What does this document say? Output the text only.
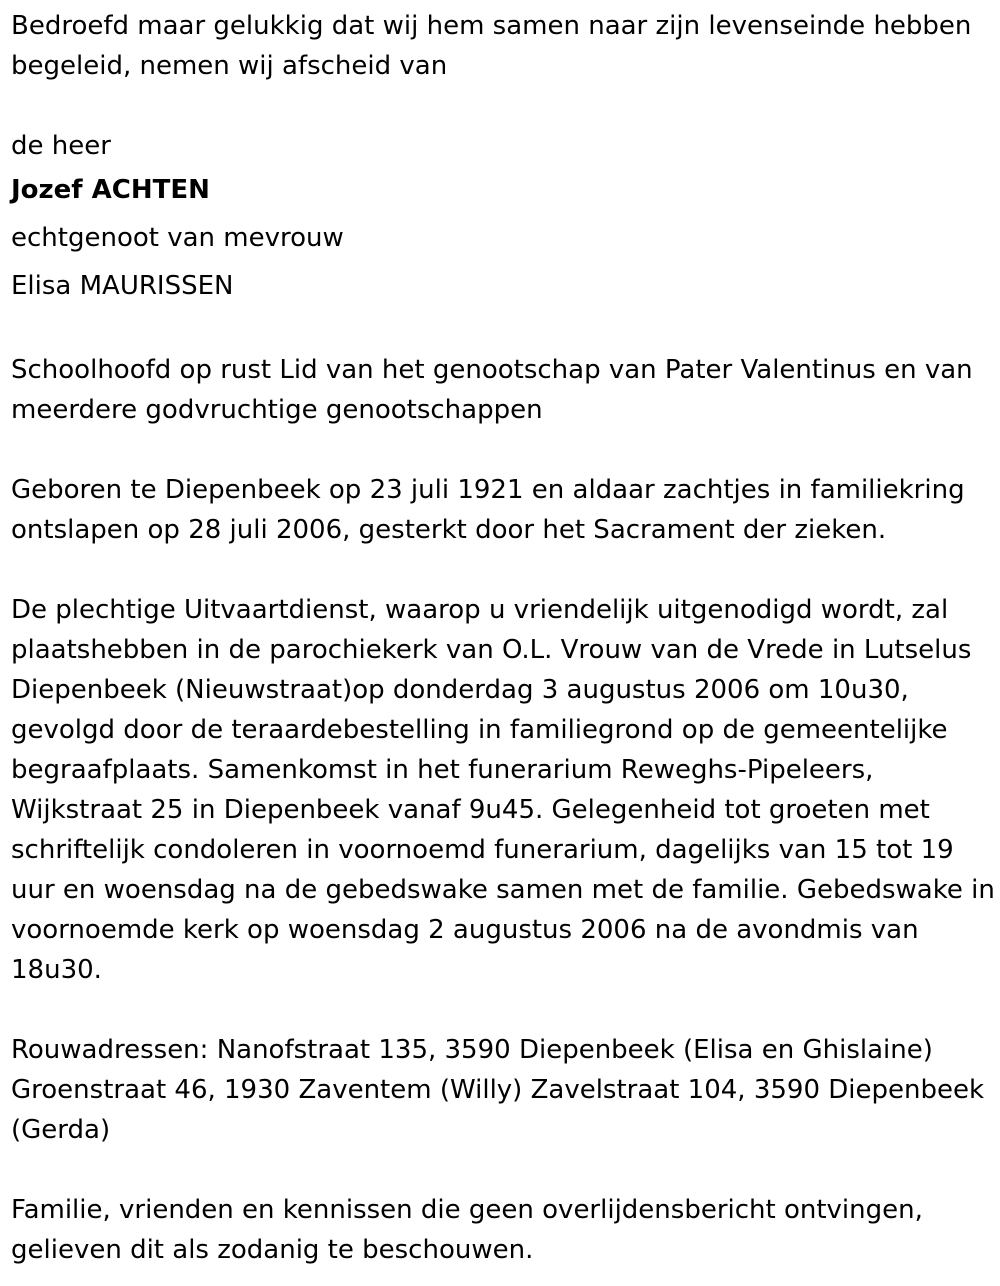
Bedroefd maar gelukkig dat wij hem samen naar zijn levenseinde hebben begeleid, nemen wij afscheid van

de heer

Jozef ACHTEN

echtgenoot van mevrouw

Elisa MAURISSEN

Schoolhoofd op rust Lid van het genootschap van Pater Valentinus en van meerdere godvruchtige genootschappen

Geboren te Diepenbeek op 23 juli 1921 en aldaar zachtjes in familiekring ontslapen op 28 juli 2006, gesterkt door het Sacrament der zieken.

De plechtige Uitvaartdienst, waarop u vriendelijk uitgenodigd wordt, zal plaatshebben in de parochiekerk van O.L. Vrouw van de Vrede in Lutselus Diepenbeek (Nieuwstraat)op donderdag 3 augustus 2006 om 10u30, gevolgd door de teraardebestelling in familiegrond op de gemeentelijke begraafplaats. Samenkomst in het funerarium Reweghs-Pipeleers, Wijkstraat 25 in Diepenbeek vanaf 9u45. Gelegenheid tot groeten met schriftelijk condoleren in voornoemd funerarium, dagelijks van 15 tot 19 uur en woensdag na de gebedswake samen met de familie. Gebedswake in voornoemde kerk op woensdag 2 augustus 2006 na de avondmis van 18u30.

Rouwadressen: Nanofstraat 135, 3590 Diepenbeek (Elisa en Ghislaine) Groenstraat 46, 1930 Zaventem (Willy) Zavelstraat 104, 3590 Diepenbeek (Gerda)

Familie, vrienden en kennissen die geen overlijdensbericht ontvingen, gelieven dit als zodanig te beschouwen.
